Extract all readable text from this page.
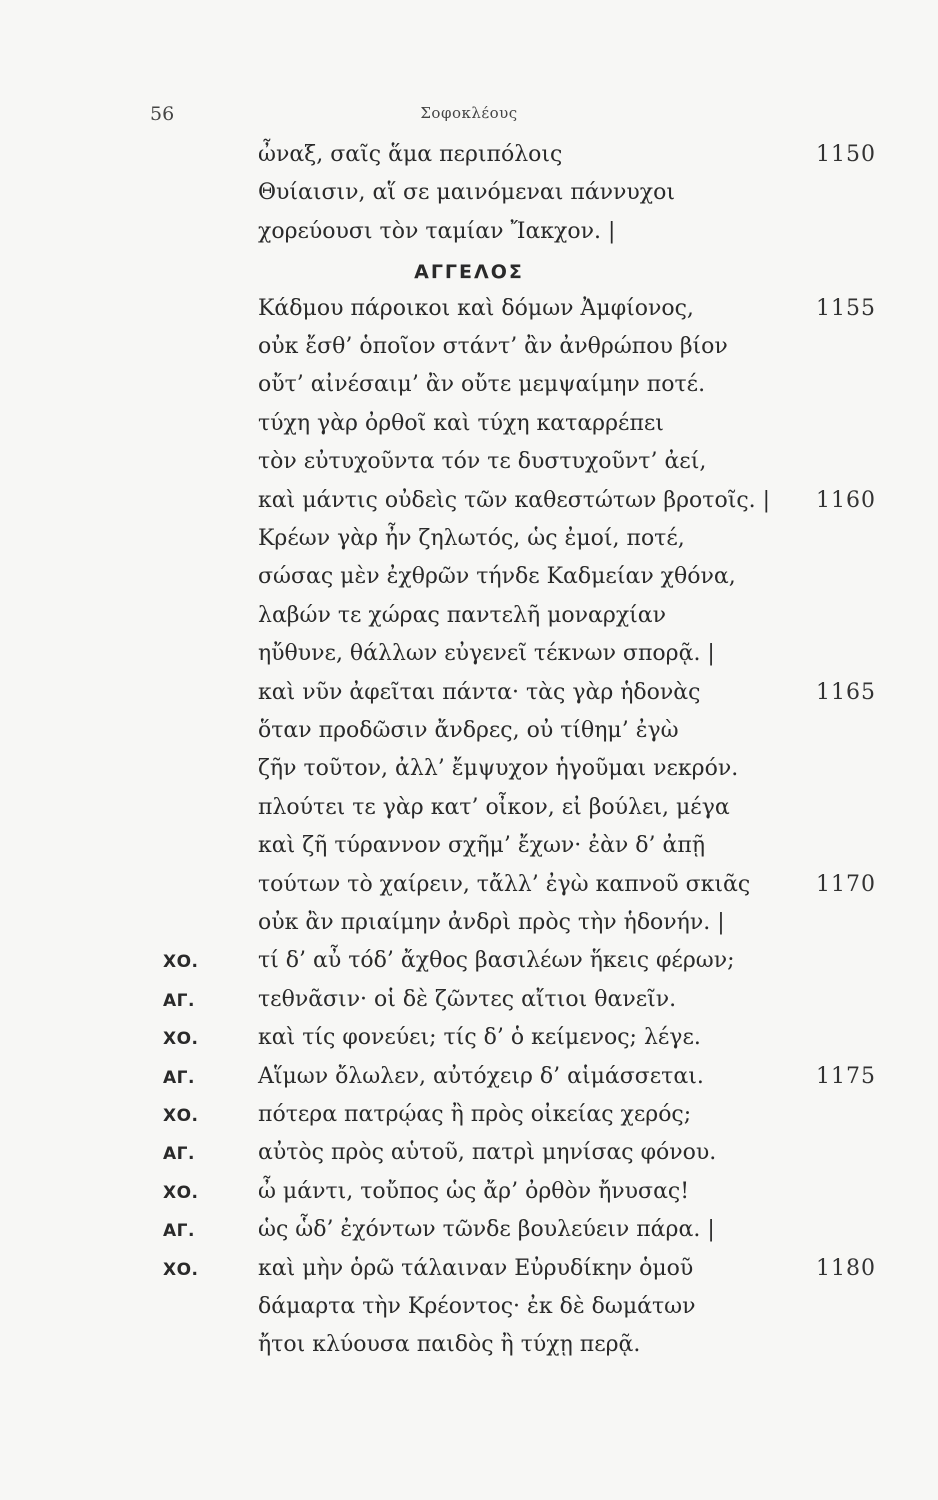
56	Σοφοκλέους
ὦναξ, σαῖς ἅμα περιπόλοις	1150
Θυίαισιν, αἵ σε μαινόμεναι πάννυχοι
χορεύουσι τὸν ταμίαν Ἴακχον. |
ΑΓΓΕΛΟΣ
Κάδμου πάροικοι καὶ δόμων Ἀμφίονος,	1155
οὐκ ἔσθ’ ὁποῖον στάντ’ ἂν ἀνθρώπου βίον
οὔτ’ αἰνέσαιμ’ ἂν οὔτε μεμψαίμην ποτέ.
τύχη γὰρ ὀρθοῖ καὶ τύχη καταρρέπει
τὸν εὐτυχοῦντα τόν τε δυστυχοῦντ’ ἀεί,
καὶ μάντις οὐδεὶς τῶν καθεστώτων βροτοῖς. | 1160
Κρέων γὰρ ἦν ζηλωτός, ὡς ἐμοί, ποτέ,
σώσας μὲν ἐχθρῶν τήνδε Καδμείαν χθόνα,
λαβών τε χώρας παντελῆ μοναρχίαν
ηὔθυνε, θάλλων εὐγενεῖ τέκνων σπορᾷ. |
καὶ νῦν ἀφεῖται πάντα· τὰς γὰρ ἡδονὰς	1165
ὅταν προδῶσιν ἄνδρες, οὐ τίθημ’ ἐγὼ
ζῆν τοῦτον, ἀλλ’ ἔμψυχον ἡγοῦμαι νεκρόν.
πλούτει τε γὰρ κατ’ οἶκον, εἰ βούλει, μέγα
καὶ ζῆ τύραννον σχῆμ’ ἔχων· ἐὰν δ’ ἀπῇ
τούτων τὸ χαίρειν, τἄλλ’ ἐγὼ καπνοῦ σκιᾶς	1170
οὐκ ἂν πριαίμην ἀνδρὶ πρὸς τὴν ἡδονήν. |
ΧΟ.	τί δ’ αὖ τόδ’ ἄχθος βασιλέων ἥκεις φέρων;
ΑΓ.	τεθνᾶσιν· οἱ δὲ ζῶντες αἴτιοι θανεῖν.
ΧΟ.	καὶ τίς φονεύει; τίς δ’ ὁ κείμενος; λέγε.
ΑΓ.	Αἵμων ὄλωλεν, αὐτόχειρ δ’ αἱμάσσεται.	1175
ΧΟ.	πότερα πατρῴας ἢ πρὸς οἰκείας χερός;
ΑΓ.	αὐτὸς πρὸς αὑτοῦ, πατρὶ μηνίσας φόνου.
ΧΟ.	ὦ μάντι, τοὔπος ὡς ἄρ’ ὀρθὸν ἤνυσας!
ΑΓ.	ὡς ὧδ’ ἐχόντων τῶνδε βουλεύειν πάρα. |
ΧΟ.	καὶ μὴν ὁρῶ τάλαιναν Εὐρυδίκην ὁμοῦ	1180
δάμαρτα τὴν Κρέοντος· ἐκ δὲ δωμάτων
ἤτοι κλύουσα παιδὸς ἢ τύχῃ περᾷ.
